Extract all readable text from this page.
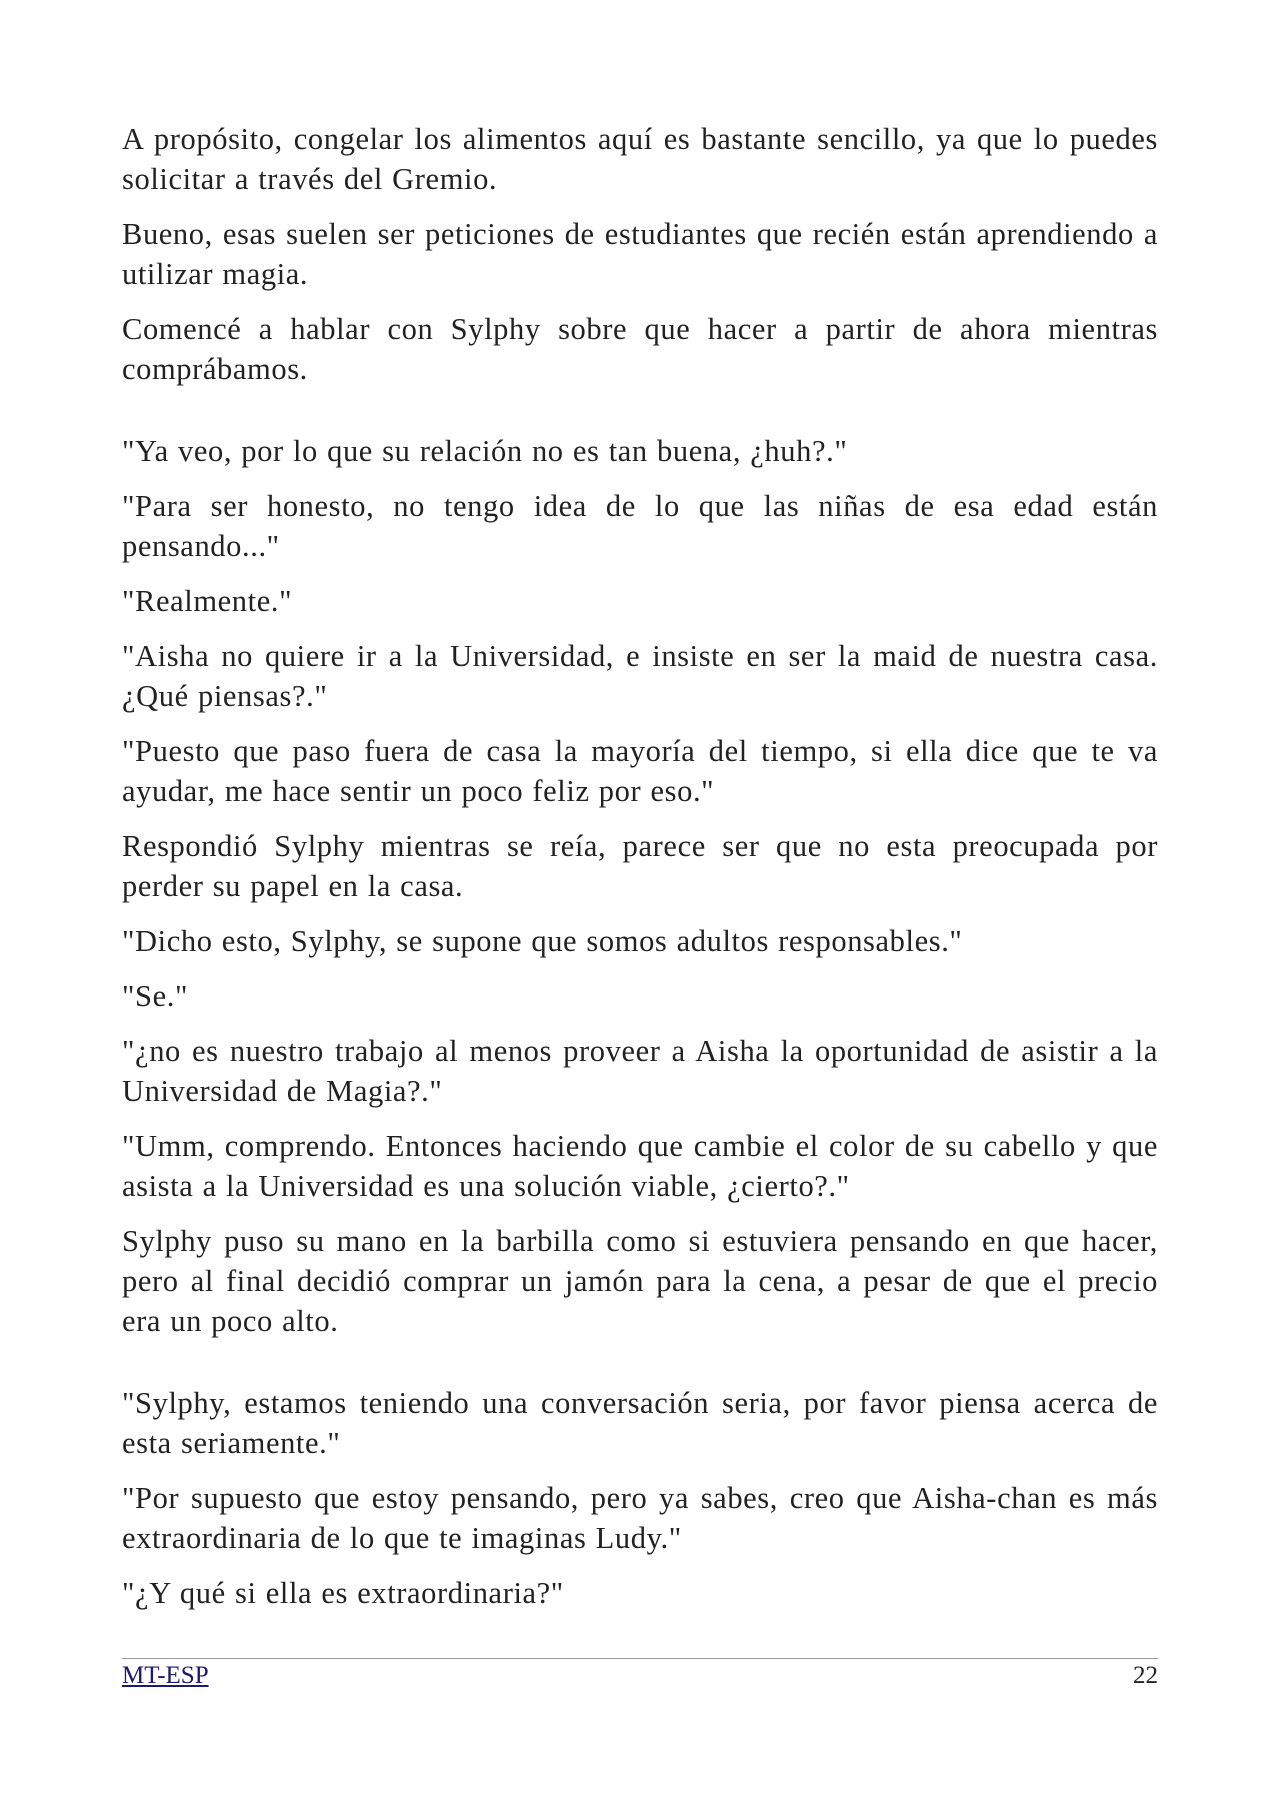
A propósito, congelar los alimentos aquí es bastante sencillo, ya que lo puedes solicitar a través del Gremio.

Bueno, esas suelen ser peticiones de estudiantes que recién están aprendiendo a utilizar magia.

Comencé a hablar con Sylphy sobre que hacer a partir de ahora mientras comprábamos.

"Ya veo, por lo que su relación no es tan buena, ¿huh?."

"Para ser honesto, no tengo idea de lo que las niñas de esa edad están pensando..."

"Realmente."

"Aisha no quiere ir a la Universidad, e insiste en ser la maid de nuestra casa. ¿Qué piensas?."

"Puesto que paso fuera de casa la mayoría del tiempo, si ella dice que te va ayudar, me hace sentir un poco feliz por eso."

Respondió Sylphy mientras se reía, parece ser que no esta preocupada por perder su papel en la casa.

"Dicho esto, Sylphy, se supone que somos adultos responsables."

"Se."

"¿no es nuestro trabajo al menos proveer a Aisha la oportunidad de asistir a la Universidad de Magia?."

"Umm, comprendo. Entonces haciendo que cambie el color de su cabello y que asista a la Universidad es una solución viable, ¿cierto?."

Sylphy puso su mano en la barbilla como si estuviera pensando en que hacer, pero al final decidió comprar un jamón para la cena, a pesar de que el precio era un poco alto.

"Sylphy, estamos teniendo una conversación seria, por favor piensa acerca de esta seriamente."

"Por supuesto que estoy pensando, pero ya sabes, creo que Aisha-chan es más extraordinaria de lo que te imaginas Ludy."

"¿Y qué si ella es extraordinaria?"

MT-ESP	22
